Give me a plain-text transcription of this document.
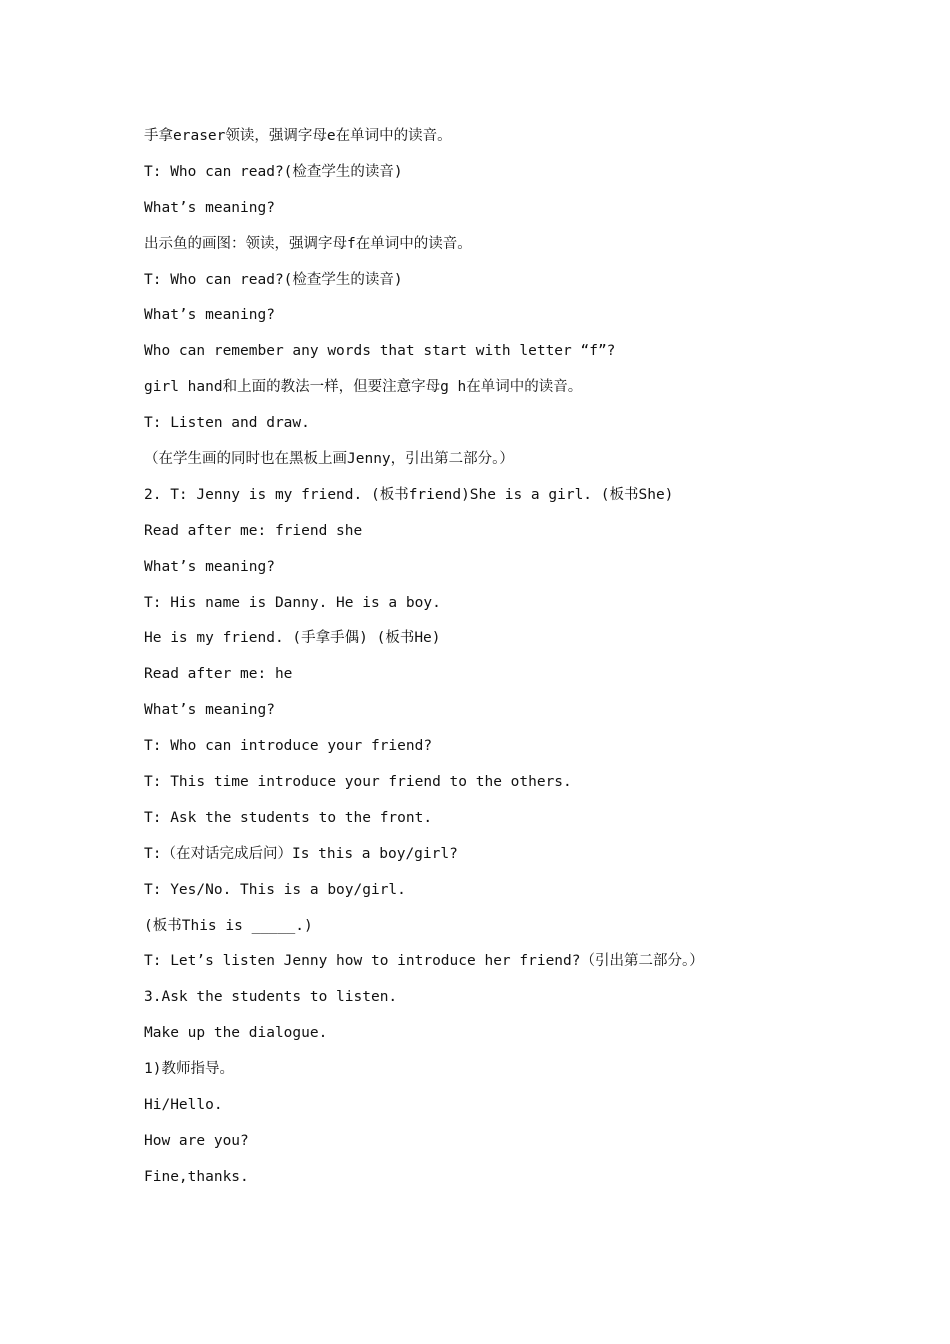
手拿eraser领读，强调字母e在单词中的读音。
T: Who can read?(检查学生的读音)
What’s meaning?
出示鱼的画图：领读，强调字母f在单词中的读音。
T: Who can read?(检查学生的读音)
What’s meaning?
Who can remember any words that start with letter “f”?
girl hand和上面的教法一样，但要注意字母g h在单词中的读音。
T: Listen and draw.
（在学生画的同时也在黑板上画Jenny，引出第二部分。）
2. T: Jenny is my friend. (板书friend)She is a girl. (板书She)
Read after me: friend she
What’s meaning?
T: His name is Danny. He is a boy.
He is my friend. (手拿手偶) (板书He)
Read after me: he
What’s meaning?
T: Who can introduce your friend?
T: This time introduce your friend to the others.
T: Ask the students to the front.
T:（在对话完成后问）Is this a boy/girl?
T: Yes/No. This is a boy/girl.
(板书This is _____.)
T: Let’s listen Jenny how to introduce her friend?（引出第二部分。）
3.Ask the students to listen.
Make up the dialogue.
1)教师指导。
Hi/Hello.
How are you?
Fine,thanks.
